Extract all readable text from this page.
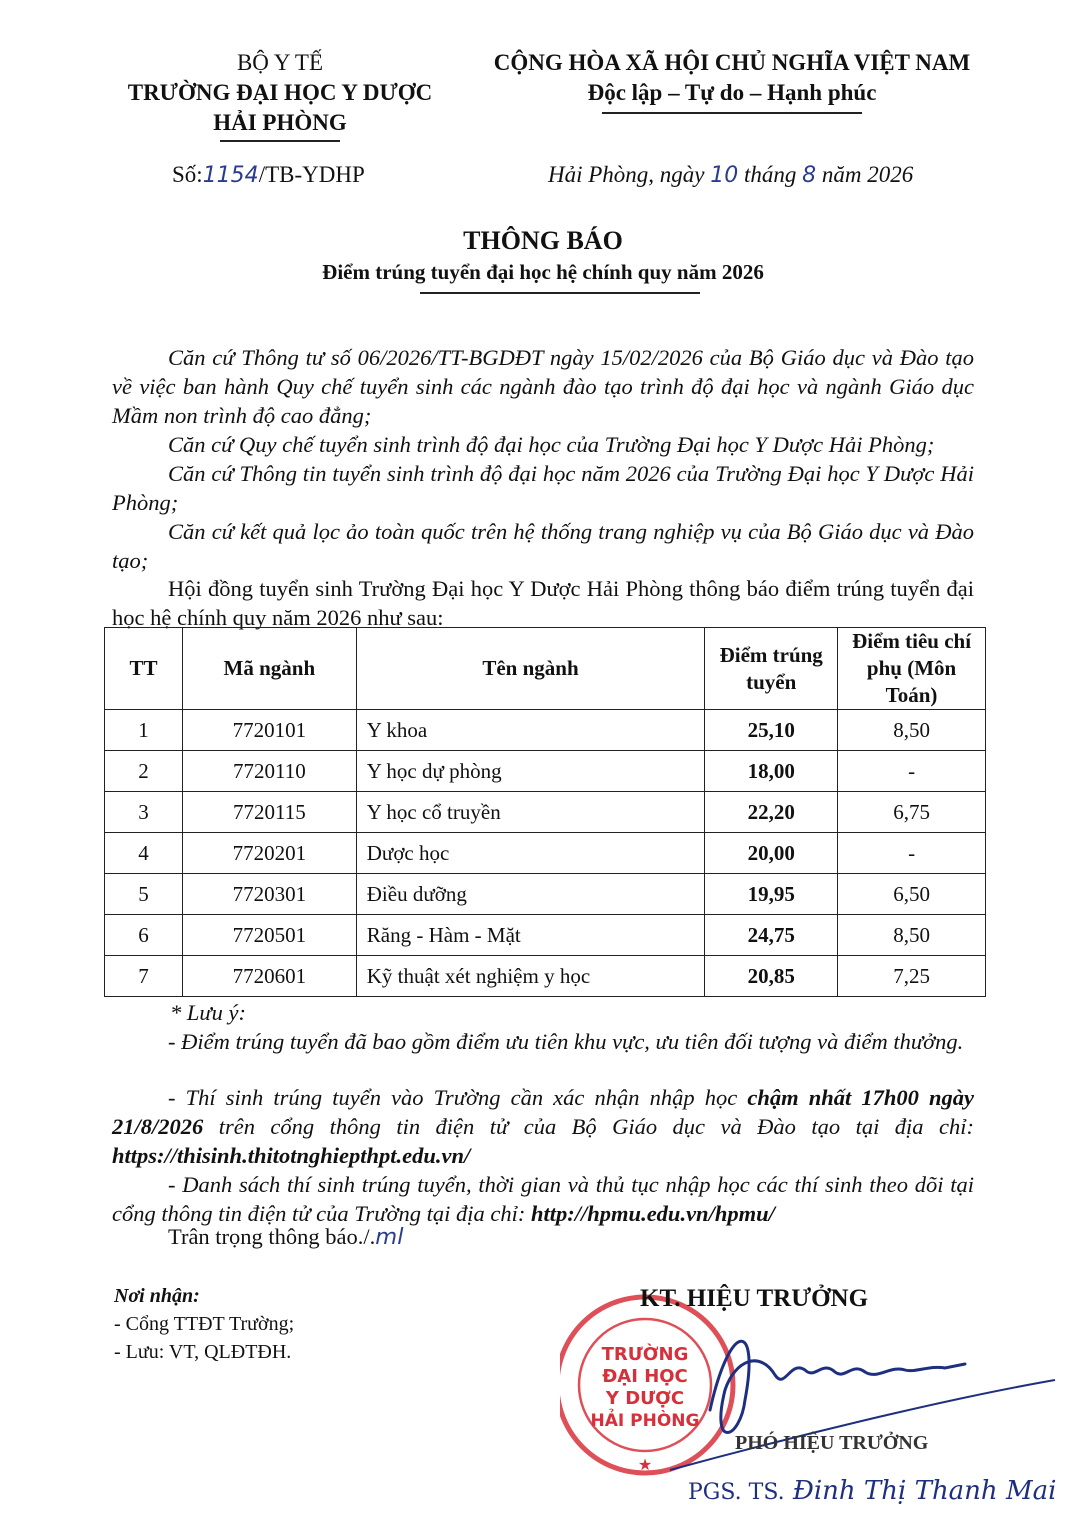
BỘ Y TẾ
TRƯỜNG ĐẠI HỌC Y DƯỢC
HẢI PHÒNG
CỘNG HÒA XÃ HỘI CHỦ NGHĨA VIỆT NAM
Độc lập – Tự do – Hạnh phúc
Số:1154/TB-YDHP	Hải Phòng, ngày 10 tháng 8 năm 2026
THÔNG BÁO
Điểm trúng tuyển đại học hệ chính quy năm 2026
Căn cứ Thông tư số 06/2026/TT-BGDĐT ngày 15/02/2026 của Bộ Giáo dục và Đào tạo về việc ban hành Quy chế tuyển sinh các ngành đào tạo trình độ đại học và ngành Giáo dục Mầm non trình độ cao đẳng;
Căn cứ Quy chế tuyển sinh trình độ đại học của Trường Đại học Y Dược Hải Phòng;
Căn cứ Thông tin tuyển sinh trình độ đại học năm 2026 của Trường Đại học Y Dược Hải Phòng;
Căn cứ kết quả lọc ảo toàn quốc trên hệ thống trang nghiệp vụ của Bộ Giáo dục và Đào tạo;
Hội đồng tuyển sinh Trường Đại học Y Dược Hải Phòng thông báo điểm trúng tuyển đại học hệ chính quy năm 2026 như sau:
TT	Mã ngành	Tên ngành	Điểm trúng tuyển	Điểm tiêu chí phụ (Môn Toán)
1	7720101	Y khoa	25,10	8,50
2	7720110	Y học dự phòng	18,00	-
3	7720115	Y học cổ truyền	22,20	6,75
4	7720201	Dược học	20,00	-
5	7720301	Điều dưỡng	19,95	6,50
6	7720501	Răng - Hàm - Mặt	24,75	8,50
7	7720601	Kỹ thuật xét nghiệm y học	20,85	7,25
* Lưu ý:
- Điểm trúng tuyển đã bao gồm điểm ưu tiên khu vực, ưu tiên đối tượng và điểm thưởng.
- Thí sinh trúng tuyển vào Trường cần xác nhận nhập học chậm nhất 17h00 ngày 21/8/2026 trên cổng thông tin điện tử của Bộ Giáo dục và Đào tạo tại địa chỉ: https://thisinh.thitotnghiepthpt.edu.vn/
- Danh sách thí sinh trúng tuyển, thời gian và thủ tục nhập học các thí sinh theo dõi tại cổng thông tin điện tử của Trường tại địa chỉ: http://hpmu.edu.vn/hpmu/
Trân trọng thông báo./.ml
Nơi nhận:
- Cổng TTĐT Trường;
- Lưu: VT, QLĐTĐH.	TRƯỜNG
ĐẠI HỌC
Y DƯỢC
HẢI PHÒNG
★
KT. HIỆU TRƯỞNG
PHÓ HIỆU TRƯỞNG
PGS. TS. Đinh Thị Thanh Mai
